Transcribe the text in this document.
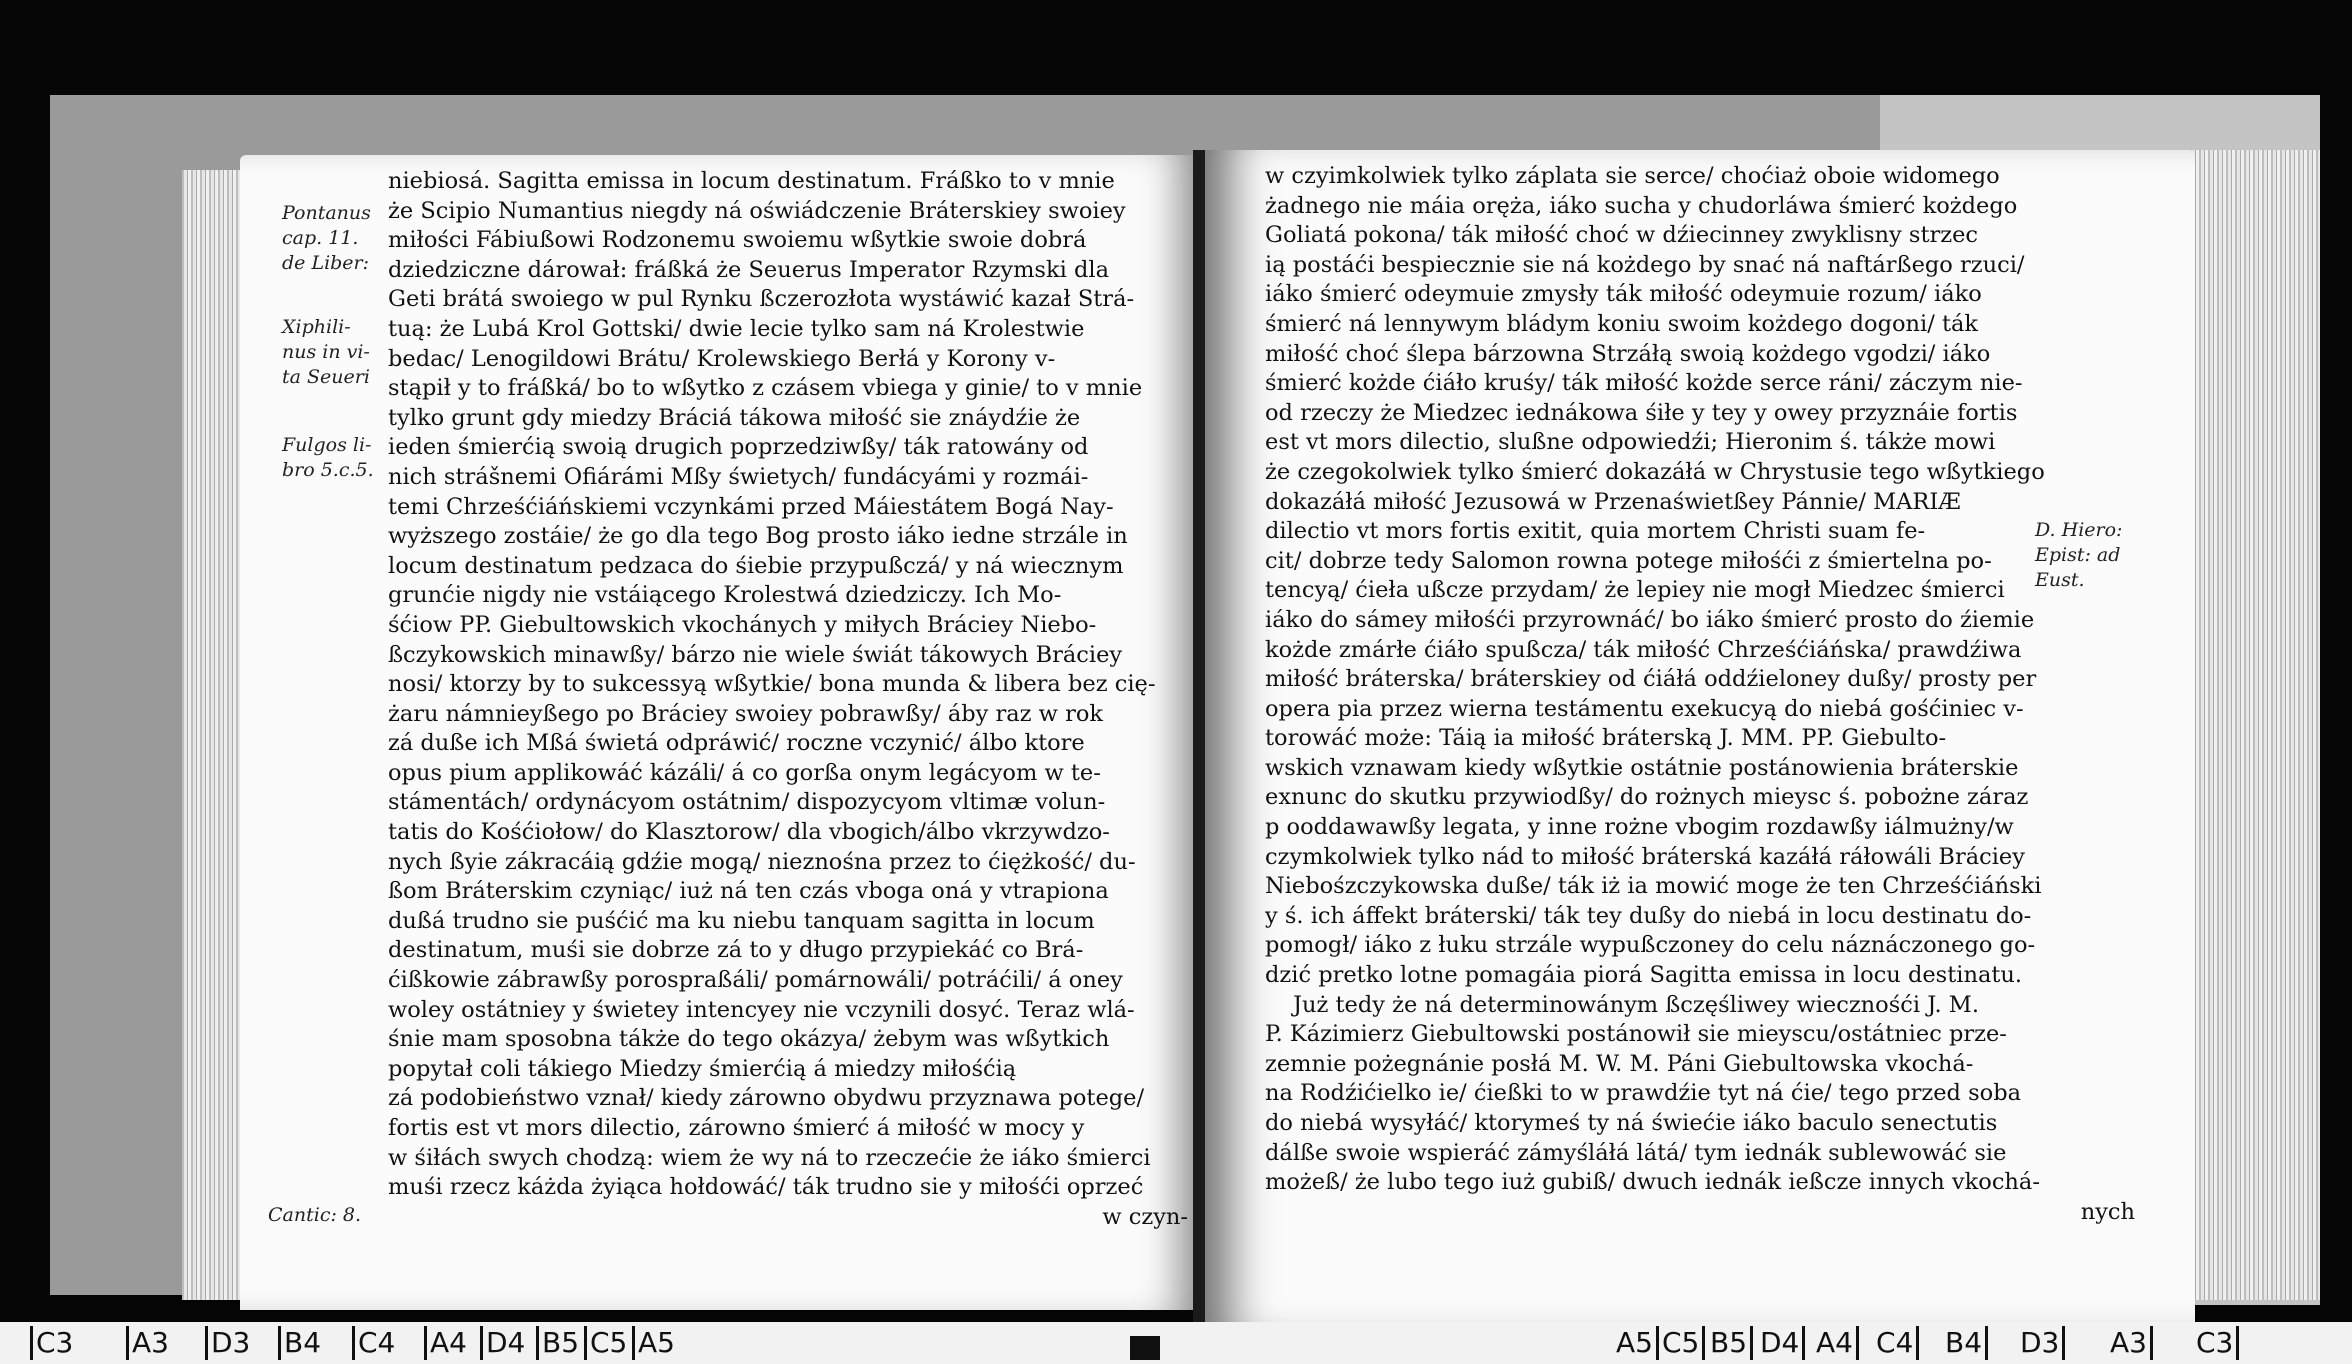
Pontanus
cap. 11.
de Liber:
Xiphili-
nus in vi-
ta Seueri
Fulgos li-
bro 5.c.5.
Cantic: 8.
niebiosá. Sagitta emissa in locum destinatum. Fráßko to v mnie
że Scipio Numantius niegdy ná oświádczenie Bráterskiey swoiey
miłości Fábiußowi Rodzonemu swoiemu wßytkie swoie dobrá
dziedziczne dárował: fráßká że Seuerus Imperator Rzymski dla
Geti brátá swoiego w pul Rynku ßczerozłota wystáwić kazał Strá-
tuą: że Lubá Krol Gottski/ dwie lecie tylko sam ná Krolestwie
bedac/ Lenogildowi Brátu/ Krolewskiego Berłá y Korony v-
stąpił y to fráßká/ bo to wßytko z czásem vbiega y ginie/ to v mnie
tylko grunt gdy miedzy Bráciá tákowa miłość sie znáydźie że
ieden śmierćią swoią drugich poprzedziwßy/ ták ratowány od
nich strášnemi Ofiárámi Mßy świetych/ fundácyámi y rozmái-
temi Chrześćiáńskiemi vczynkámi przed Máiestátem Bogá Nay-
wyższego zostáie/ że go dla tego Bog prosto iáko iedne strzále in
locum destinatum pedzaca do śiebie przypußczá/ y ná wiecznym
grunćie nigdy nie vstáiącego Krolestwá dziedziczy. Ich Mo-
śćiow PP. Giebultowskich vkochánych y miłych Bráciey Niebo-
ßczykowskich minawßy/ bárzo nie wiele świát tákowych Bráciey
nosi/ ktorzy by to sukcessyą wßytkie/ bona munda & libera bez cię-
żaru námnieyßego po Bráciey swoiey pobrawßy/ áby raz w rok
zá duße ich Mßá świetá odpráwić/ roczne vczynić/ álbo ktore
opus pium applikowáć kázáli/ á co gorßa onym legácyom w te-
stámentách/ ordynácyom ostátnim/ dispozycyom vltimæ volun-
tatis do Kośćiołow/ do Klasztorow/ dla vbogich/álbo vkrzywdzo-
nych ßyie zákracáią gdźie mogą/ nieznośna przez to ćiężkość/ du-
ßom Bráterskim czyniąc/ iuż ná ten czás vboga oná y vtrapiona
dußá trudno sie puśćić ma ku niebu tanquam sagitta in locum
destinatum, muśi sie dobrze zá to y długo przypiekáć co Brá-
ćißkowie zábrawßy porospraßáli/ pomárnowáli/ potráćili/ á oney
woley ostátniey y świetey intencyey nie vczynili dosyć. Teraz wlá-
śnie mam sposobna tákże do tego okázya/ żebym was wßytkich
popytał coli tákiego Miedzy śmierćią á miedzy miłośćią
zá podobieństwo vznał/ kiedy zárowno obydwu przyznawa potege/
fortis est vt mors dilectio, zárowno śmierć á miłość w mocy y
w śiłách swych chodzą: wiem że wy ná to rzeczećie że iáko śmierci
muśi rzecz káżda żyiąca hołdowáć/ ták trudno sie y miłośći oprzeć
w czyn-
w czyimkolwiek tylko záplata sie serce/ choćiaż oboie widomego
żadnego nie máia oręża, iáko sucha y chudorláwa śmierć kożdego
Goliatá pokona/ ták miłość choć w dźiecinney zwyklisny strzec
ią postáći bespiecznie sie ná kożdego by snać ná naftárßego rzuci/
iáko śmierć odeymuie zmysły ták miłość odeymuie rozum/ iáko
śmierć ná lennywym bládym koniu swoim kożdego dogoni/ ták
miłość choć ślepa bárzowna Strzáłą swoią kożdego vgodzi/ iáko
śmierć kożde ćiáło kruśy/ ták miłość kożde serce ráni/ záczym nie-
od rzeczy że Miedzec iednákowa śiłe y tey y owey przyznáie fortis
est vt mors dilectio, slußne odpowiedźi; Hieronim ś. tákże mowi
że czegokolwiek tylko śmierć dokazáłá w Chrystusie tego wßytkiego
dokazáłá miłość Jezusowá w Przenaświetßey Pánnie/ MARIÆ
dilectio vt mors fortis exitit, quia mortem Christi suam fe-
cit/ dobrze tedy Salomon rowna potege miłośći z śmiertelna po-
tencyą/ ćieła ußcze przydam/ że lepiey nie mogł Miedzec śmierci
iáko do sámey miłośći przyrownáć/ bo iáko śmierć prosto do źiemie
kożde zmárłe ćiáło spußcza/ ták miłość Chrześćiáńska/ prawdźiwa
miłość bráterska/ bráterskiey od ćiáłá oddźieloney dußy/ prosty per
opera pia przez wierna testámentu exekucyą do niebá gośćiniec v-
torowáć może: Táią ia miłość bráterską J. MM. PP. Giebulto-
wskich vznawam kiedy wßytkie ostátnie postánowienia bráterskie
exnunc do skutku przywiodßy/ do rożnych mieysc ś. pobożne záraz
p ooddawawßy legata, y inne rożne vbogim rozdawßy iálmużny/w
czymkolwiek tylko nád to miłość bráterská kazáłá ráłowáli Bráciey
Niebośzczykowska duße/ ták iż ia mowić moge że ten Chrześćiáński
y ś. ich áffekt bráterski/ ták tey dußy do niebá in locu destinatu do-
pomogł/ iáko z łuku strzále wypußczoney do celu náznáczonego go-
dzić pretko lotne pomagáia piorá Sagitta emissa in locu destinatu.
Już tedy że ná determinowánym ßczęśliwey wiecznośći J. M.
P. Kázimierz Giebultowski postánowił sie mieyscu/ostátniec prze-
zemnie pożegnánie posłá M. W. M. Páni Giebultowska vkochá-
na Rodźićielko ie/ ćießki to w prawdźie tyt ná ćie/ tego przed soba
do niebá wysyłáć/ ktorymeś ty ná świećie iáko baculo senectutis
dálße swoie wspieráć zámyśláłá látá/ tym iednák sublewowáć sie
możeß/ że lubo tego iuż gubiß/ dwuch iednák ießcze innych vkochá-
nych
D. Hiero:
Epist: ad
Eust.
C3 A3 D3 B4 C4 A4 D4 B5 C5 A5	A5 C5 B5 D4 A4 C4 B4 D3 A3 C3
